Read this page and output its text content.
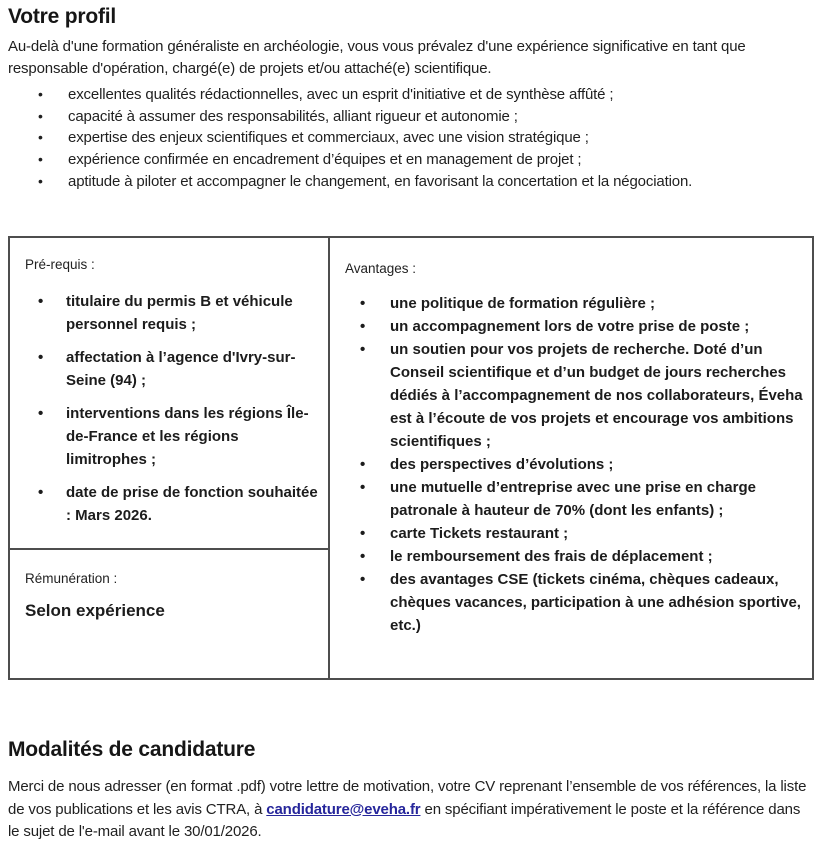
Votre profil

Au-delà d'une formation généraliste en archéologie, vous vous prévalez d'une expérience significative en tant que responsable d'opération, chargé(e) de projets et/ou attaché(e) scientifique.

• excellentes qualités rédactionnelles, avec un esprit d'initiative et de synthèse affûté ;
• capacité à assumer des responsabilités, alliant rigueur et autonomie ;
• expertise des enjeux scientifiques et commerciaux, avec une vision stratégique ;
• expérience confirmée en encadrement d’équipes et en management de projet ;
• aptitude à piloter et accompagner le changement, en favorisant la concertation et la négociation.
Pré-requis :
• titulaire du permis B et véhicule personnel requis ;
• affectation à l’agence d'Ivry-sur-Seine (94) ;
• interventions dans les régions Île-de-France et les régions limitrophes ;
• date de prise de fonction souhaitée : Mars 2026.
Rémunération :
Selon expérience
Avantages :
• une politique de formation régulière ;
• un accompagnement lors de votre prise de poste ;
• un soutien pour vos projets de recherche. Doté d’un Conseil scientifique et d’un budget de jours recherches dédiés à l’accompagnement de nos collaborateurs, Éveha est à l’écoute de vos projets et encourage vos ambitions scientifiques ;
• des perspectives d’évolutions ;
• une mutuelle d’entreprise avec une prise en charge patronale à hauteur de 70% (dont les enfants) ;
• carte Tickets restaurant ;
• le remboursement des frais de déplacement ;
• des avantages CSE (tickets cinéma, chèques cadeaux, chèques vacances, participation à une adhésion sportive, etc.)
Modalités de candidature

Merci de nous adresser (en format .pdf) votre lettre de motivation, votre CV reprenant l’ensemble de vos références, la liste de vos publications et les avis CTRA, à candidature@eveha.fr en spécifiant impérativement le poste et la référence dans le sujet de l'e-mail avant le 30/01/2026.
